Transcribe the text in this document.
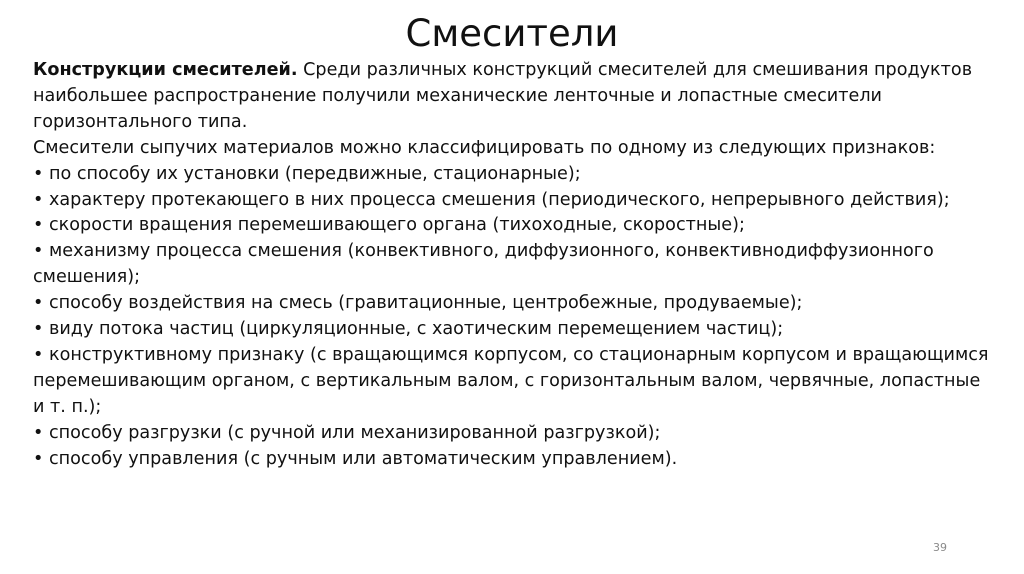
Смесители

Конструкции смесителей. Среди различных конструкций смесителей для смешивания продуктов наибольшее распространение получили механические ленточные и лопастные смесители горизонтального типа.

Смесители сыпучих материалов можно классифицировать по одному из следующих признаков:

• по способу их установки (передвижные, стационарные);

• характеру протекающего в них процесса смешения (периодического, непрерывного действия);

• скорости вращения перемешивающего органа (тихоходные, скоростные);

• механизму процесса смешения (конвективного, диффузионного, конвективнодиффузионного смешения);

• способу воздействия на смесь (гравитационные, центробежные, продуваемые);

• виду потока частиц (циркуляционные, с хаотическим перемещением частиц);

• конструктивному признаку (с вращающимся корпусом, со стационарным корпусом и вращающимся перемешивающим органом, с вертикальным валом, с горизонтальным валом, червячные, лопастные и т. п.);

• способу разгрузки (с ручной или механизированной разгрузкой);

• способу управления (с ручным или автоматическим управлением).

39
